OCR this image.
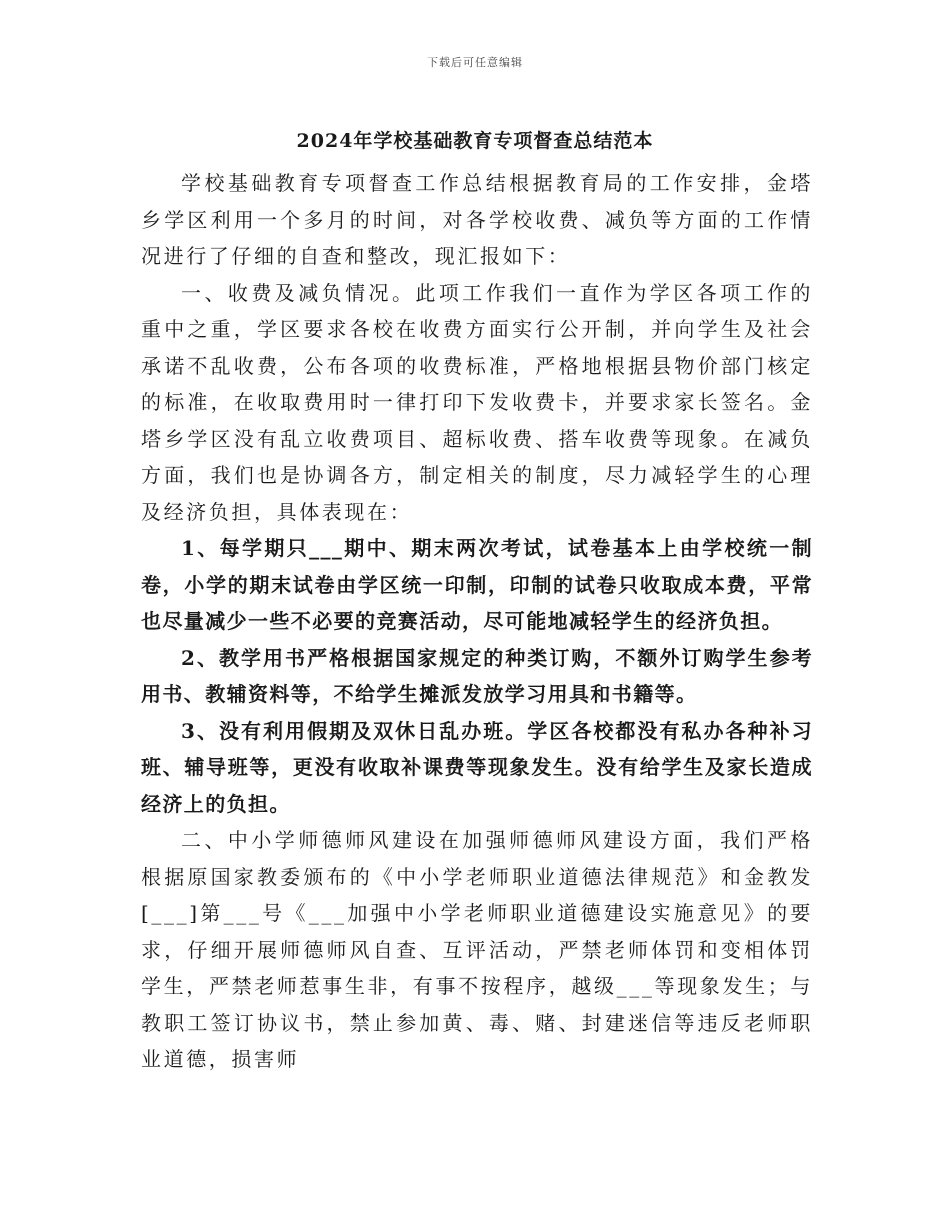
下载后可任意编辑
2024年学校基础教育专项督查总结范本

学校基础教育专项督查工作总结根据教育局的工作安排，金塔乡学区利用一个多月的时间，对各学校收费、减负等方面的工作情况进行了仔细的自查和整改，现汇报如下：

一、收费及减负情况。此项工作我们一直作为学区各项工作的重中之重，学区要求各校在收费方面实行公开制，并向学生及社会承诺不乱收费，公布各项的收费标准，严格地根据县物价部门核定的标准，在收取费用时一律打印下发收费卡，并要求家长签名。金塔乡学区没有乱立收费项目、超标收费、搭车收费等现象。在减负方面，我们也是协调各方，制定相关的制度，尽力减轻学生的心理及经济负担，具体表现在：

1、每学期只___期中、期末两次考试，试卷基本上由学校统一制卷，小学的期末试卷由学区统一印制，印制的试卷只收取成本费，平常也尽量减少一些不必要的竞赛活动，尽可能地减轻学生的经济负担。

2、教学用书严格根据国家规定的种类订购，不额外订购学生参考用书、教辅资料等，不给学生摊派发放学习用具和书籍等。

3、没有利用假期及双休日乱办班。学区各校都没有私办各种补习班、辅导班等，更没有收取补课费等现象发生。没有给学生及家长造成经济上的负担。

二、中小学师德师风建设在加强师德师风建设方面，我们严格根据原国家教委颁布的《中小学老师职业道德法律规范》和金教发[___]第___号《___加强中小学老师职业道德建设实施意见》的要求，仔细开展师德师风自查、互评活动，严禁老师体罚和变相体罚学生，严禁老师惹事生非，有事不按程序，越级___等现象发生；与教职工签订协议书，禁止参加黄、毒、赌、封建迷信等违反老师职业道德，损害师
